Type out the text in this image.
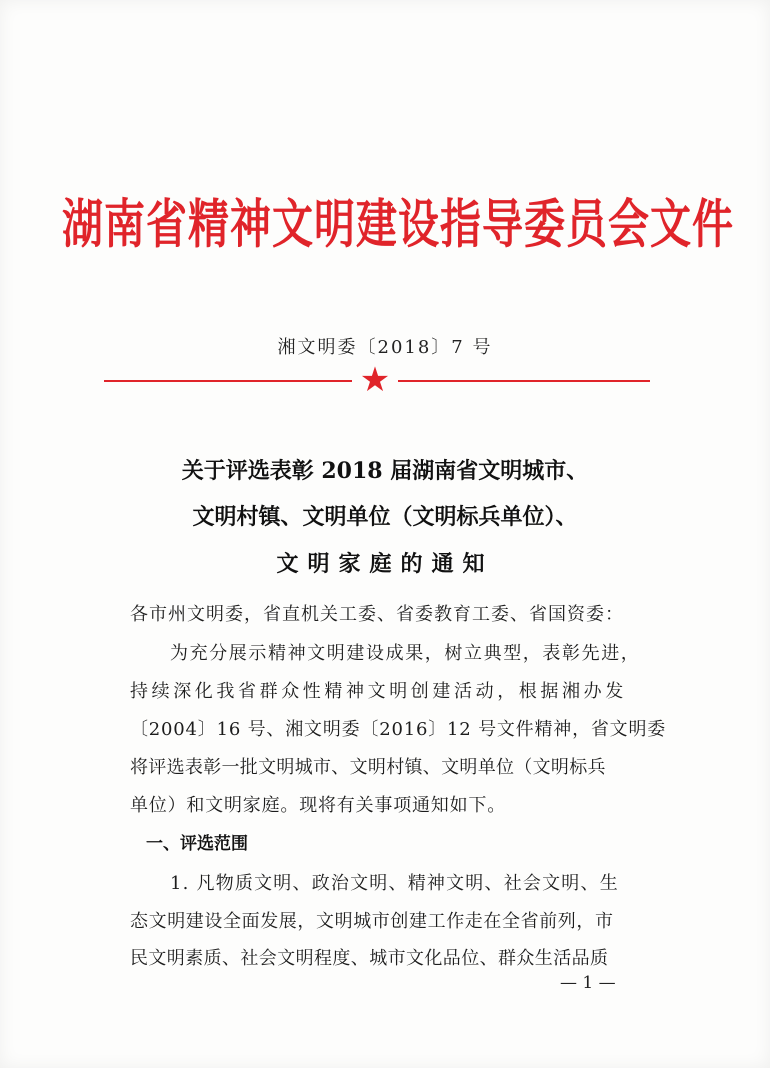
湖南省精神文明建设指导委员会文件
湘文明委〔2018〕7 号
★
关于评选表彰 2018 届湖南省文明城市、
文明村镇、文明单位（文明标兵单位）、
文明家庭的通知
各市州文明委，省直机关工委、省委教育工委、省国资委：
为充分展示精神文明建设成果，树立典型，表彰先进，
持续深化我省群众性精神文明创建活动，根据湘办发
〔2004〕16 号、湘文明委〔2016〕12 号文件精神，省文明委
将评选表彰一批文明城市、文明村镇、文明单位（文明标兵
单位）和文明家庭。现将有关事项通知如下。
一、评选范围
1. 凡物质文明、政治文明、精神文明、社会文明、生
态文明建设全面发展，文明城市创建工作走在全省前列，市
民文明素质、社会文明程度、城市文化品位、群众生活品质
— 1 —
